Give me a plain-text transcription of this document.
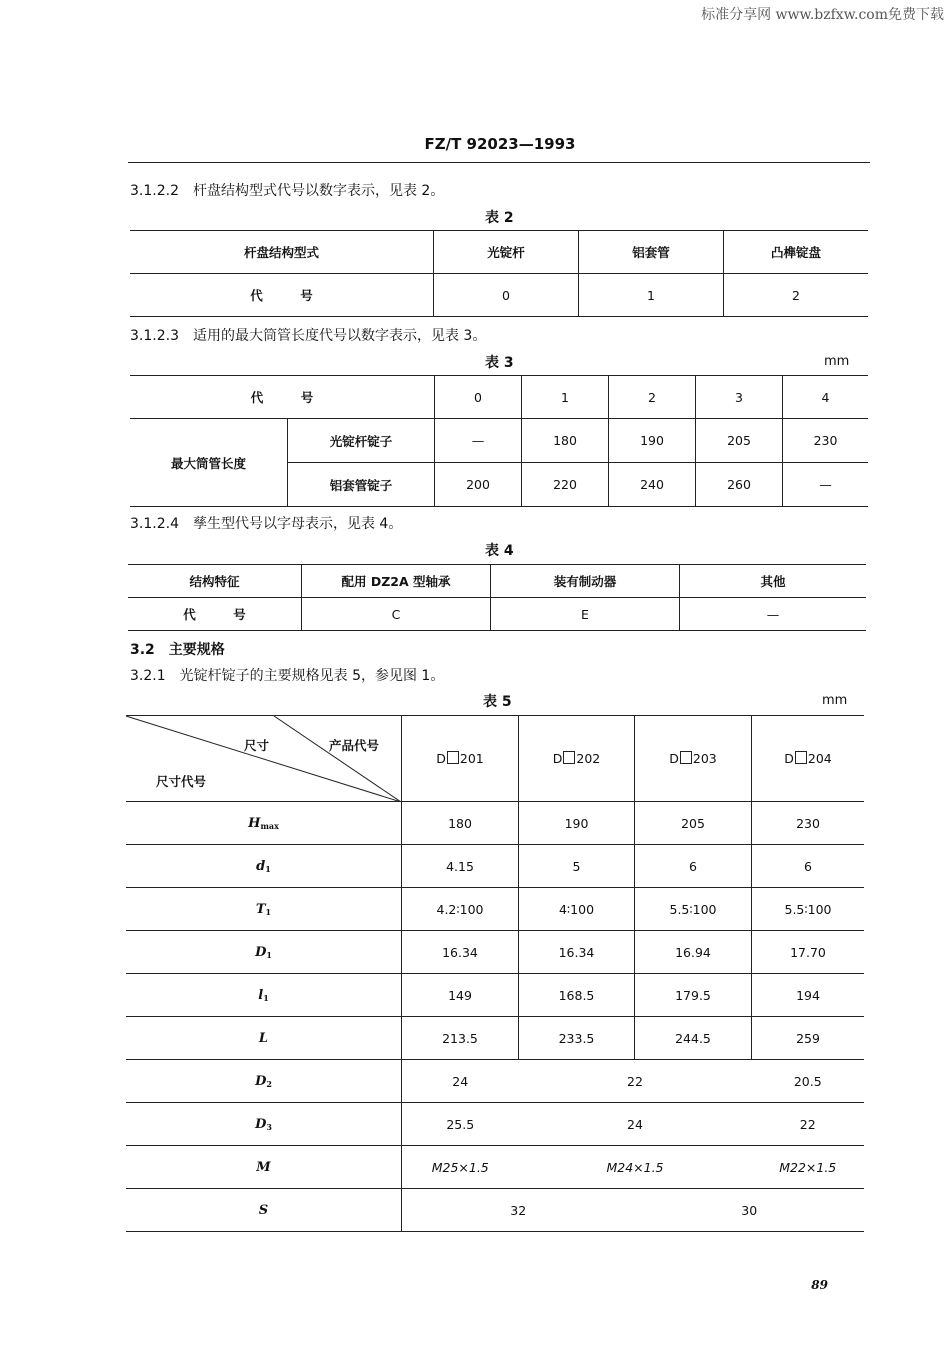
标准分享网 www.bzfxw.com免费下载
FZ/T 92023—1993
3.1.2.2 杆盘结构型式代号以数字表示，见表 2。
表 2
杆盘结构型式	光锭杆	铝套管	凸榫锭盘
代　　　号	0	1	2
3.1.2.3 适用的最大筒管长度代号以数字表示，见表 3。
表 3	mm
代　　　号		0	1	2	3	4
最大筒管长度	光锭杆锭子	—	180	190	205	230
	铝套管锭子	200	220	240	260	—
3.1.2.4 孳生型代号以字母表示，见表 4。
表 4
结构特征	配用 DZ2A 型轴承	装有制动器	其他
代　　　号	C	E	—
3.2 主要规格
3.2.1 光锭杆锭子的主要规格见表 5，参见图 1。
表 5	mm
尺寸 产品代号
尺寸代号	D 201	D 202	D 203	D 204
$H_{max}$	180	190	205	230
$d_1$	4.15	5	6	6
$T_1$	4.2∶100	4∶100	5.5∶100	5.5∶100
$D_1$	16.34	16.34	16.94	17.70
$l_1$	149	168.5	179.5	194
L	213.5	233.5	244.5	259
$D_2$	24	22		20.5
$D_3$	25.5	24		22
M	M25×1.5	M24×1.5		M22×1.5
S	32		30	
89
